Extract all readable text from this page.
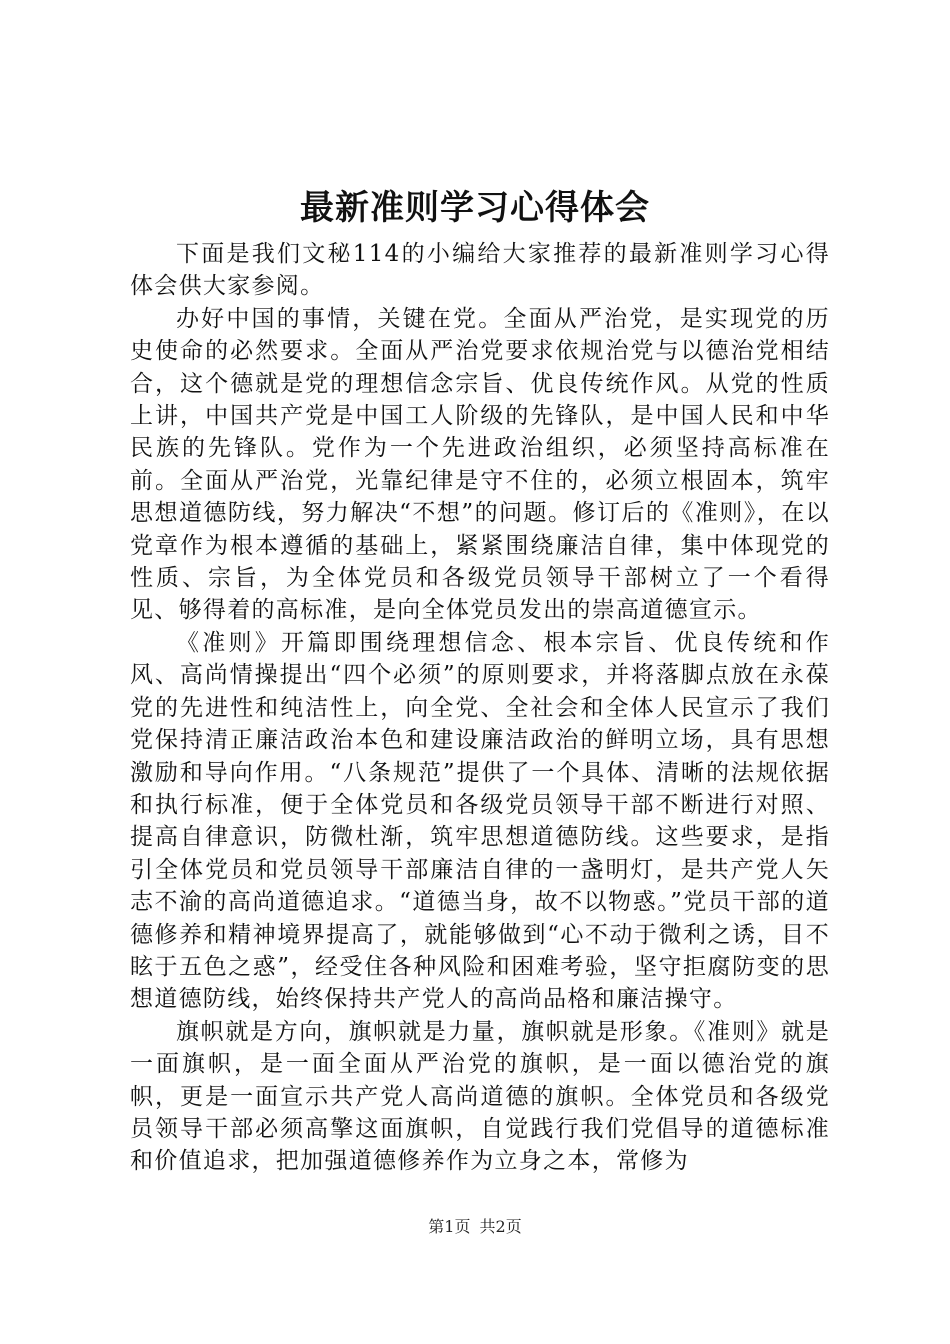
最新准则学习心得体会

下面是我们文秘114的小编给大家推荐的最新准则学习心得体会供大家参阅。

办好中国的事情，关键在党。全面从严治党，是实现党的历史使命的必然要求。全面从严治党要求依规治党与以德治党相结合，这个德就是党的理想信念宗旨、优良传统作风。从党的性质上讲，中国共产党是中国工人阶级的先锋队，是中国人民和中华民族的先锋队。党作为一个先进政治组织，必须坚持高标准在前。全面从严治党，光靠纪律是守不住的，必须立根固本，筑牢思想道德防线，努力解决“不想”的问题。修订后的《准则》，在以党章作为根本遵循的基础上，紧紧围绕廉洁自律，集中体现党的性质、宗旨，为全体党员和各级党员领导干部树立了一个看得见、够得着的高标准，是向全体党员发出的崇高道德宣示。

《准则》开篇即围绕理想信念、根本宗旨、优良传统和作风、高尚情操提出“四个必须”的原则要求，并将落脚点放在永葆党的先进性和纯洁性上，向全党、全社会和全体人民宣示了我们党保持清正廉洁政治本色和建设廉洁政治的鲜明立场，具有思想激励和导向作用。“八条规范”提供了一个具体、清晰的法规依据和执行标准，便于全体党员和各级党员领导干部不断进行对照、提高自律意识，防微杜渐，筑牢思想道德防线。这些要求，是指引全体党员和党员领导干部廉洁自律的一盏明灯，是共产党人矢志不渝的高尚道德追求。“道德当身，故不以物惑。”党员干部的道德修养和精神境界提高了，就能够做到“心不动于微利之诱，目不眩于五色之惑”，经受住各种风险和困难考验，坚守拒腐防变的思想道德防线，始终保持共产党人的高尚品格和廉洁操守。

旗帜就是方向，旗帜就是力量，旗帜就是形象。《准则》就是一面旗帜，是一面全面从严治党的旗帜，是一面以德治党的旗帜，更是一面宣示共产党人高尚道德的旗帜。全体党员和各级党员领导干部必须高擎这面旗帜，自觉践行我们党倡导的道德标准和价值追求，把加强道德修养作为立身之本，常修为

第1页 共2页
